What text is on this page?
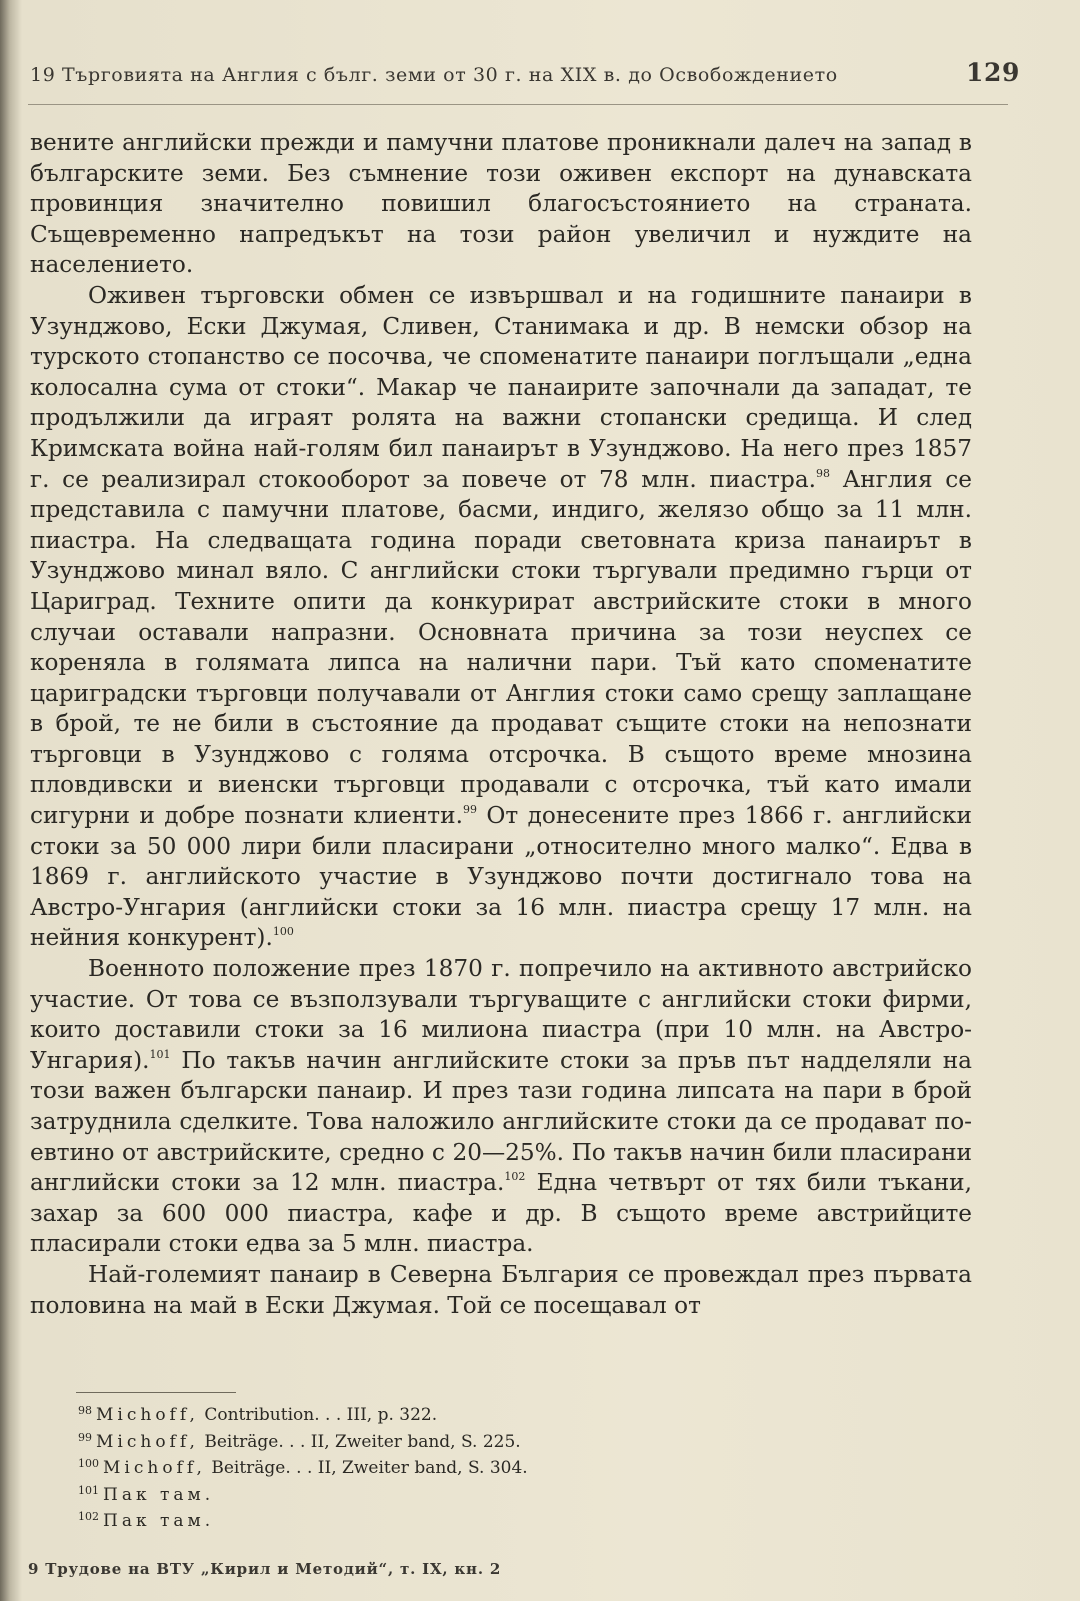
19 Търговията на Англия с бълг. земи от 30 г. на XIX в. до Освобождението	129

вените английски прежди и памучни платове проникнали далеч на запад в българските земи. Без съмнение този оживен експорт на дунавската провинция значително повишил благосъстоянието на страната. Същевременно напредъкът на този район увеличил и нуждите на населението.

Оживен търговски обмен се извършвал и на годишните панаири в Узунджово, Ески Джумая, Сливен, Станимака и др. В немски обзор на турското стопанство се посочва, че споменатите панаири поглъщали „една колосална сума от стоки“. Макар че панаирите започнали да западат, те продължили да играят ролята на важни стопански средища. И след Кримската война най-голям бил панаирът в Узунджово. На него през 1857 г. се реализирал стокооборот за повече от 78 млн. пиастра.$^{98}$ Англия се представила с памучни платове, басми, индиго, желязо общо за 11 млн. пиастра. На следващата година поради световната криза панаирът в Узунджово минал вяло. С английски стоки търгували предимно гърци от Цариград. Техните опити да конкурират австрийските стоки в много случаи оставали напразни. Основната причина за този неуспех се кореняла в голямата липса на налични пари. Тъй като споменатите цариградски търговци получавали от Англия стоки само срещу заплащане в брой, те не били в състояние да продават същите стоки на непознати търговци в Узунджово с голяма отсрочка. В същото време мнозина пловдивски и виенски търговци продавали с отсрочка, тъй като имали сигурни и добре познати клиенти.$^{99}$ От донесените през 1866 г. английски стоки за 50 000 лири били пласирани „относително много малко“. Едва в 1869 г. английското участие в Узунджово почти достигнало това на Австро-Унгария (английски стоки за 16 млн. пиастра срещу 17 млн. на нейния конкурент).$^{100}$

Военното положение през 1870 г. попречило на активното австрийско участие. От това се възползували търгуващите с английски стоки фирми, които доставили стоки за 16 милиона пиастра (при 10 млн. на Австро-Унгария).$^{101}$ По такъв начин английските стоки за пръв път надделяли на този важен български панаир. И през тази година липсата на пари в брой затруднила сделките. Това наложило английските стоки да се продават по-евтино от австрийските, средно с 20—25%. По такъв начин били пласирани английски стоки за 12 млн. пиастра.$^{102}$ Една четвърт от тях били тъкани, захар за 600 000 пиастра, кафе и др. В същото време австрийците пласирали стоки едва за 5 млн. пиастра.

Най-големият панаир в Северна България се провеждал през първата половина на май в Ески Джумая. Той се посещавал от

$^{98}$ Michoff, Contribution. . . III, p. 322.
$^{99}$ Michoff, Beiträge. . . II, Zweiter band, S. 225.
$^{100}$ Michoff, Beiträge. . . II, Zweiter band, S. 304.
$^{101}$ Пак там.
$^{102}$ Пак там.
9 Трудове на ВТУ „Кирил и Методий“, т. IX, кн. 2
